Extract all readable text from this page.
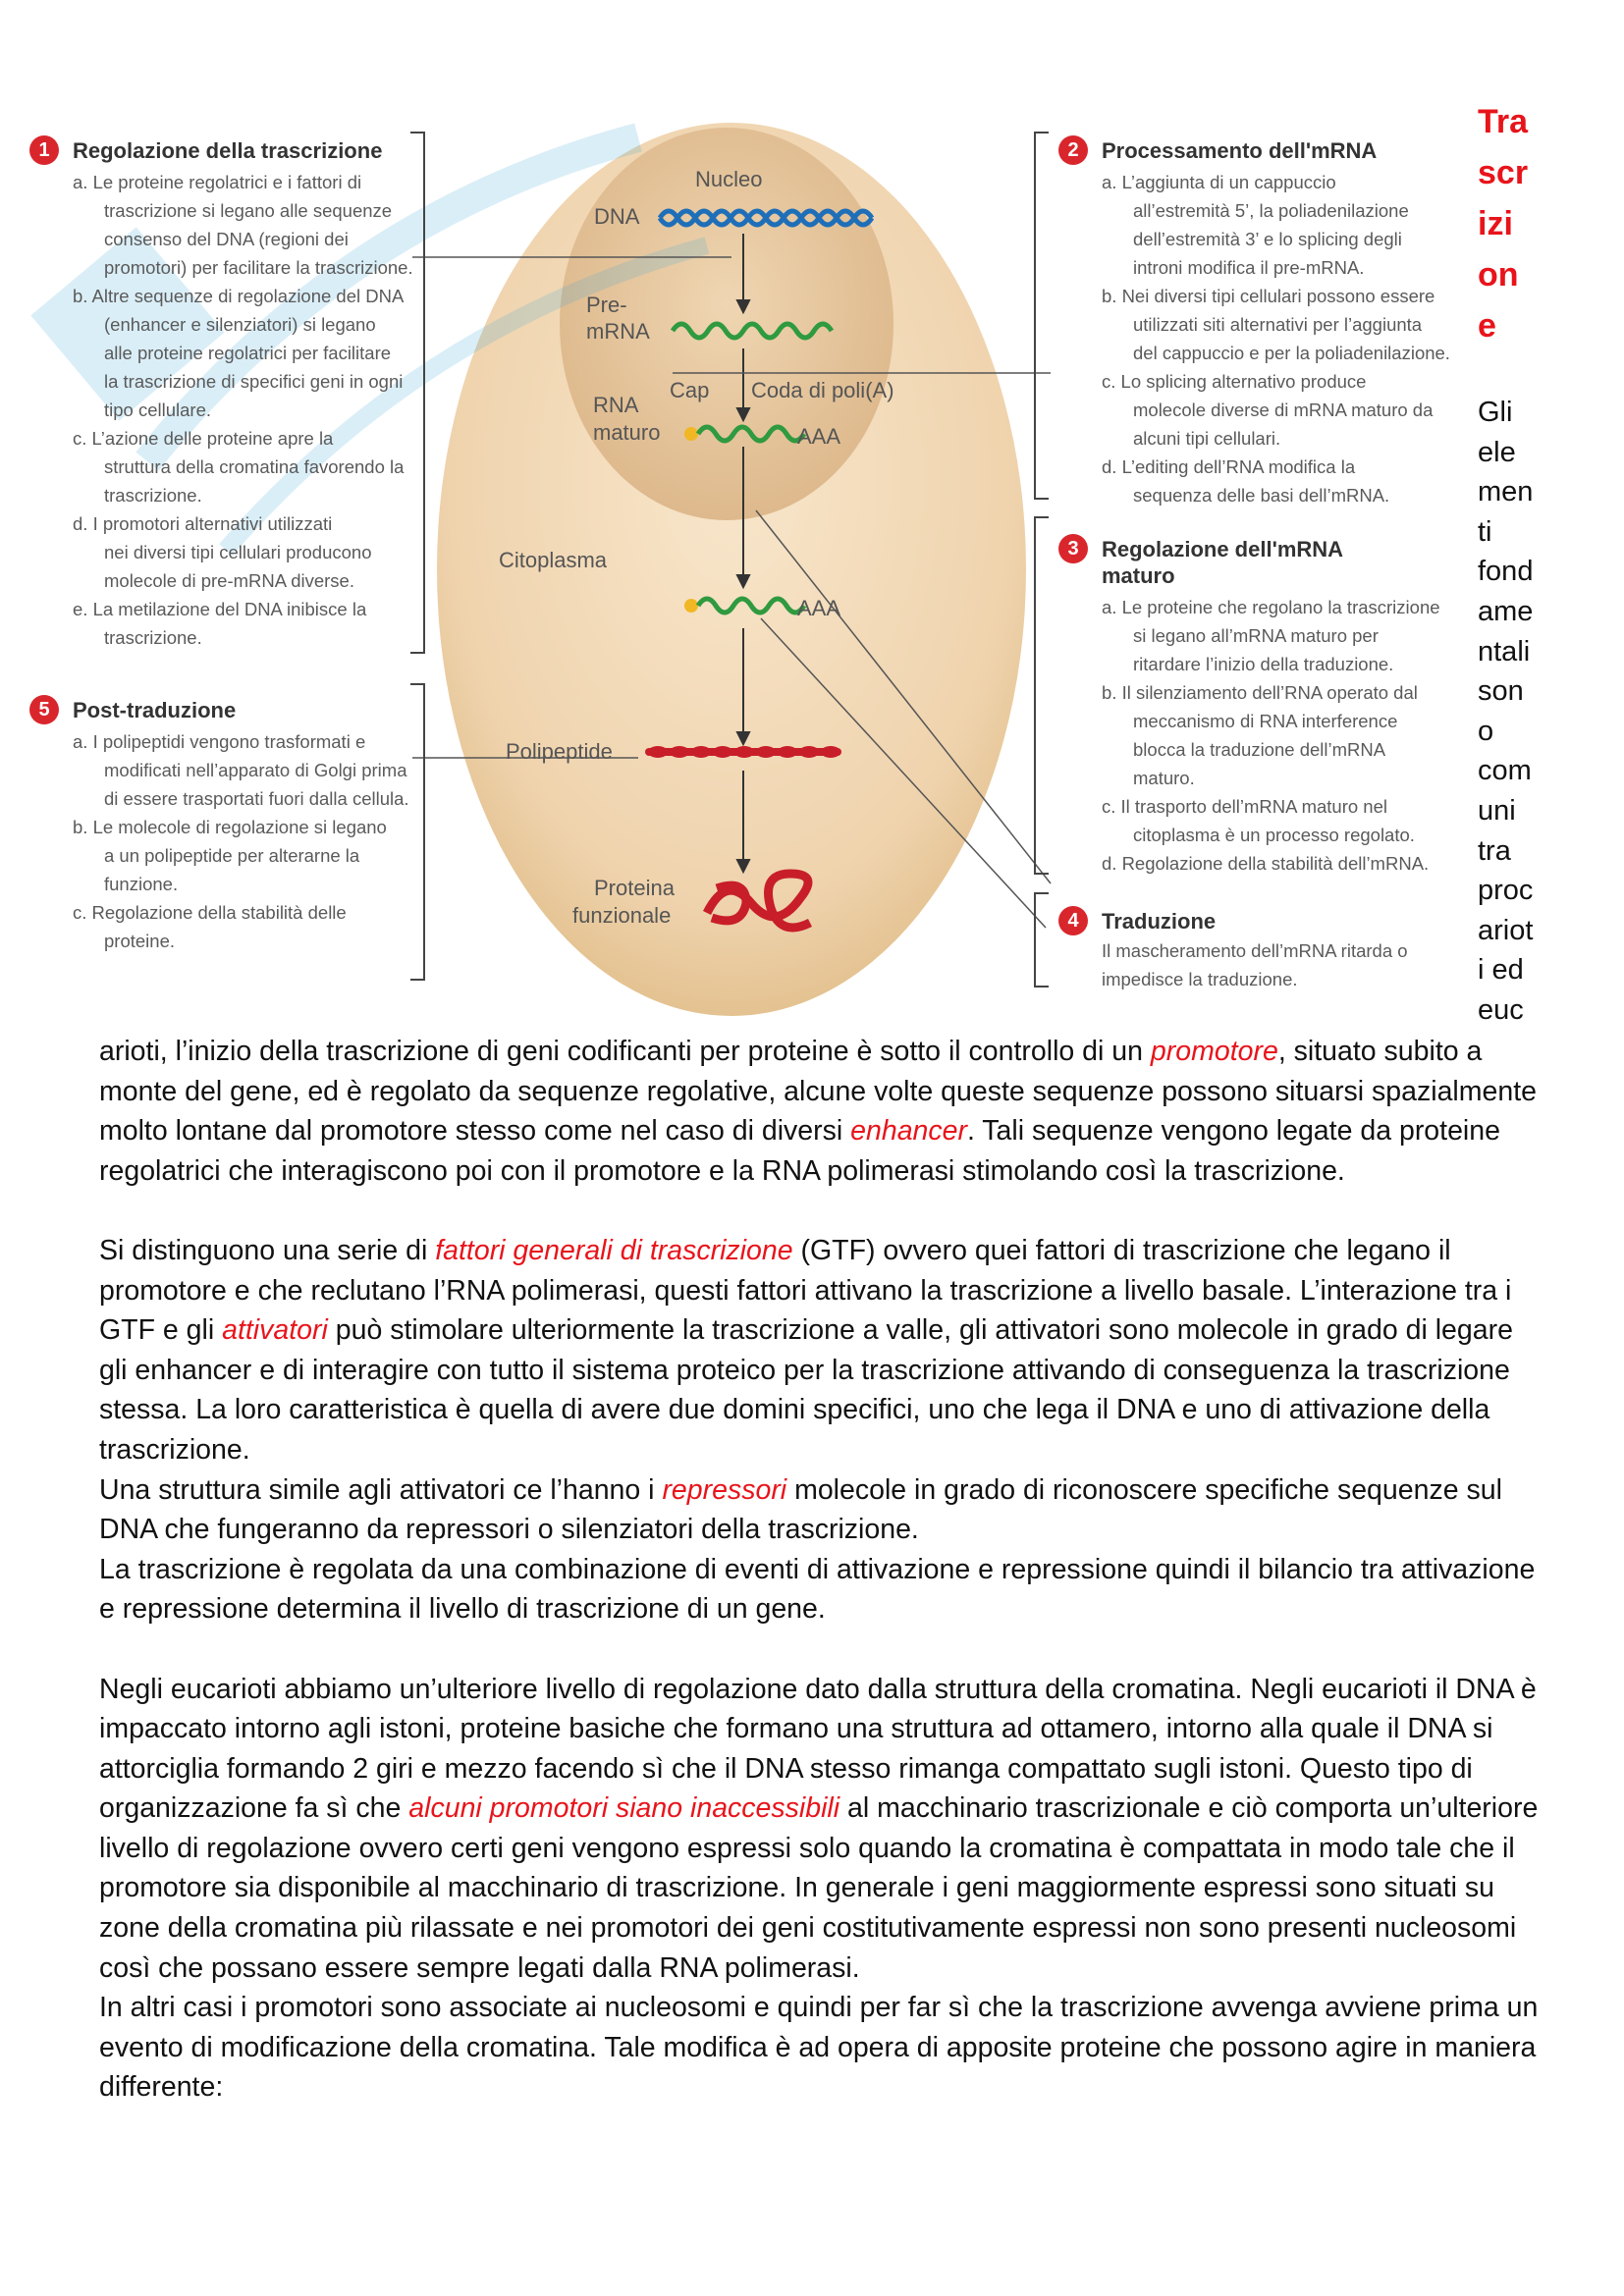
Nucleo
DNA
Pre-
mRNA
RNA
maturo
Cap Coda di poli(A)
AAA
AAA
Citoplasma
Polipeptide
Proteina
funzionale
1	Regolazione della trascrizione
a. Le proteine regolatrici e i fattori di
trascrizione si legano alle sequenze
consenso del DNA (regioni dei
promotori) per facilitare la trascrizione.
b. Altre sequenze di regolazione del DNA
(enhancer e silenziatori) si legano
alle proteine regolatrici per facilitare
la trascrizione di specifici geni in ogni
tipo cellulare.
c. L’azione delle proteine apre la
struttura della cromatina favorendo la
trascrizione.
d. I promotori alternativi utilizzati
nei diversi tipi cellulari producono
molecole di pre-mRNA diverse.
e. La metilazione del DNA inibisce la
trascrizione.
5	Post-traduzione
a. I polipeptidi vengono trasformati e
modificati nell’apparato di Golgi prima
di essere trasportati fuori dalla cellula.
b. Le molecole di regolazione si legano
a un polipeptide per alterarne la
funzione.
c. Regolazione della stabilità delle
proteine.
2	Processamento dell'mRNA
a. L’aggiunta di un cappuccio
all’estremità 5’, la poliadenilazione
dell’estremità 3’ e lo splicing degli
introni modifica il pre-mRNA.
b. Nei diversi tipi cellulari possono essere
utilizzati siti alternativi per l’aggiunta
del cappuccio e per la poliadenilazione.
c. Lo splicing alternativo produce
molecole diverse di mRNA maturo da
alcuni tipi cellulari.
d. L’editing dell’RNA modifica la
sequenza delle basi dell’mRNA.
3	Regolazione dell'mRNA
maturo
a. Le proteine che regolano la trascrizione
si legano all’mRNA maturo per
ritardare l’inizio della traduzione.
b. Il silenziamento dell’RNA operato dal
meccanismo di RNA interference
blocca la traduzione dell’mRNA
maturo.
c. Il trasporto dell’mRNA maturo nel
citoplasma è un processo regolato.
d. Regolazione della stabilità dell’mRNA.
4	Traduzione
Il mascheramento dell’mRNA ritarda o
impedisce la traduzione.
Tra
scr
izi
on
e
Gli
ele
men
ti
fond
ame
ntali
son
o
com
uni
tra
proc
ariot
i ed
euc

arioti, l’inizio della trascrizione di geni codificanti per proteine è sotto il controllo di un promotore, situato subito a monte del gene, ed è regolato da sequenze regolative, alcune volte queste sequenze possono situarsi spazialmente molto lontane dal promotore stesso come nel caso di diversi enhancer. Tali sequenze vengono legate da proteine regolatrici che interagiscono poi con il promotore e la RNA polimerasi stimolando così la trascrizione.

Si distinguono una serie di fattori generali di trascrizione (GTF) ovvero quei fattori di trascrizione che legano il promotore e che reclutano l’RNA polimerasi, questi fattori attivano la trascrizione a livello basale. L’interazione tra i GTF e gli attivatori può stimolare ulteriormente la trascrizione a valle, gli attivatori sono molecole in grado di legare gli enhancer e di interagire con tutto il sistema proteico per la trascrizione attivando di conseguenza la trascrizione stessa. La loro caratteristica è quella di avere due domini specifici, uno che lega il DNA e uno di attivazione della trascrizione.

Una struttura simile agli attivatori ce l’hanno i repressori molecole in grado di riconoscere specifiche sequenze sul DNA che fungeranno da repressori o silenziatori della trascrizione.

La trascrizione è regolata da una combinazione di eventi di attivazione e repressione quindi il bilancio tra attivazione e repressione determina il livello di trascrizione di un gene.

Negli eucarioti abbiamo un’ulteriore livello di regolazione dato dalla struttura della cromatina. Negli eucarioti il DNA è impaccato intorno agli istoni, proteine basiche che formano una struttura ad ottamero, intorno alla quale il DNA si attorciglia formando 2 giri e mezzo facendo sì che il DNA stesso rimanga compattato sugli istoni. Questo tipo di organizzazione fa sì che alcuni promotori siano inaccessibili al macchinario trascrizionale e ciò comporta un’ulteriore livello di regolazione ovvero certi geni vengono espressi solo quando la cromatina è compattata in modo tale che il promotore sia disponibile al macchinario di trascrizione. In generale i geni maggiormente espressi sono situati su zone della cromatina più rilassate e nei promotori dei geni costitutivamente espressi non sono presenti nucleosomi così che possano essere sempre legati dalla RNA polimerasi.

In altri casi i promotori sono associate ai nucleosomi e quindi per far sì che la trascrizione avvenga avviene prima un evento di modificazione della cromatina. Tale modifica è ad opera di apposite proteine che possono agire in maniera differente:
